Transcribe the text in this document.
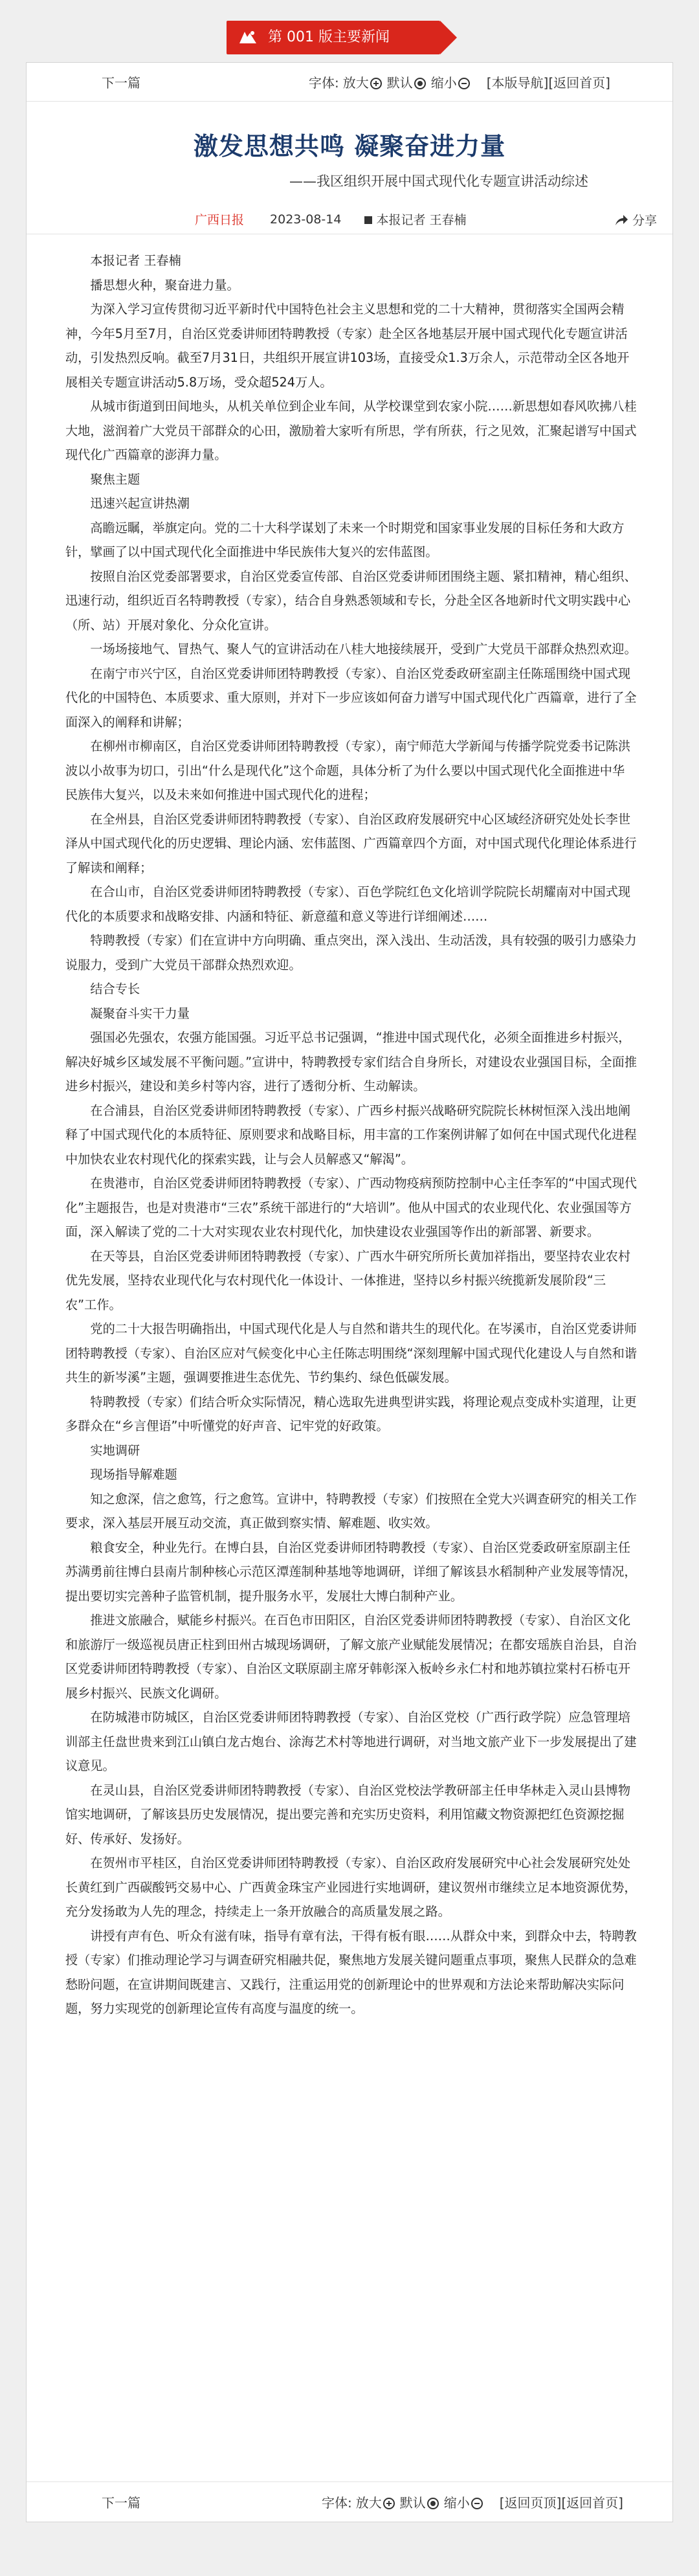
第 001 版主要新闻
下一篇	字体: 放大	默认	缩小	[本版导航] [返回首页]
激发思想共鸣 凝聚奋进力量
——我区组织开展中国式现代化专题宣讲活动综述
广西日报 2023-08-14	本报记者 王春楠	分享

本报记者 王春楠

播思想火种，聚奋进力量。

为深入学习宣传贯彻习近平新时代中国特色社会主义思想和党的二十大精神，贯彻落实全国两会精神，今年5月至7月，自治区党委讲师团特聘教授（专家）赴全区各地基层开展中国式现代化专题宣讲活动，引发热烈反响。截至7月31日，共组织开展宣讲103场，直接受众1.3万余人，示范带动全区各地开展相关专题宣讲活动5.8万场，受众超524万人。

从城市街道到田间地头，从机关单位到企业车间，从学校课堂到农家小院……新思想如春风吹拂八桂大地，滋润着广大党员干部群众的心田，激励着大家听有所思，学有所获，行之见效，汇聚起谱写中国式现代化广西篇章的澎湃力量。

聚焦主题

迅速兴起宣讲热潮

高瞻远瞩，举旗定向。党的二十大科学谋划了未来一个时期党和国家事业发展的目标任务和大政方针，擘画了以中国式现代化全面推进中华民族伟大复兴的宏伟蓝图。

按照自治区党委部署要求，自治区党委宣传部、自治区党委讲师团围绕主题、紧扣精神，精心组织、迅速行动，组织近百名特聘教授（专家），结合自身熟悉领域和专长，分赴全区各地新时代文明实践中心（所、站）开展对象化、分众化宣讲。

一场场接地气、冒热气、聚人气的宣讲活动在八桂大地接续展开，受到广大党员干部群众热烈欢迎。

在南宁市兴宁区，自治区党委讲师团特聘教授（专家）、自治区党委政研室副主任陈瑶围绕中国式现代化的中国特色、本质要求、重大原则，并对下一步应该如何奋力谱写中国式现代化广西篇章，进行了全面深入的阐释和讲解；

在柳州市柳南区，自治区党委讲师团特聘教授（专家），南宁师范大学新闻与传播学院党委书记陈洪波以小故事为切口，引出“什么是现代化”这个命题，具体分析了为什么要以中国式现代化全面推进中华民族伟大复兴，以及未来如何推进中国式现代化的进程；

在全州县，自治区党委讲师团特聘教授（专家）、自治区政府发展研究中心区域经济研究处处长李世泽从中国式现代化的历史逻辑、理论内涵、宏伟蓝图、广西篇章四个方面，对中国式现代化理论体系进行了解读和阐释；

在合山市，自治区党委讲师团特聘教授（专家）、百色学院红色文化培训学院院长胡耀南对中国式现代化的本质要求和战略安排、内涵和特征、新意蕴和意义等进行详细阐述……

特聘教授（专家）们在宣讲中方向明确、重点突出，深入浅出、生动活泼，具有较强的吸引力感染力说服力，受到广大党员干部群众热烈欢迎。

结合专长

凝聚奋斗实干力量

强国必先强农，农强方能国强。习近平总书记强调，“推进中国式现代化，必须全面推进乡村振兴，解决好城乡区域发展不平衡问题。”宣讲中，特聘教授专家们结合自身所长，对建设农业强国目标，全面推进乡村振兴，建设和美乡村等内容，进行了透彻分析、生动解读。

在合浦县，自治区党委讲师团特聘教授（专家）、广西乡村振兴战略研究院院长林树恒深入浅出地阐释了中国式现代化的本质特征、原则要求和战略目标，用丰富的工作案例讲解了如何在中国式现代化进程中加快农业农村现代化的探索实践，让与会人员解惑又“解渴”。

在贵港市，自治区党委讲师团特聘教授（专家）、广西动物疫病预防控制中心主任李军的“中国式现代化”主题报告，也是对贵港市“三农”系统干部进行的“大培训”。他从中国式的农业现代化、农业强国等方面，深入解读了党的二十大对实现农业农村现代化，加快建设农业强国等作出的新部署、新要求。

在天等县，自治区党委讲师团特聘教授（专家）、广西水牛研究所所长黄加祥指出，要坚持农业农村优先发展，坚持农业现代化与农村现代化一体设计、一体推进，坚持以乡村振兴统揽新发展阶段“三农”工作。

党的二十大报告明确指出，中国式现代化是人与自然和谐共生的现代化。在岑溪市，自治区党委讲师团特聘教授（专家）、自治区应对气候变化中心主任陈志明围绕“深刻理解中国式现代化建设人与自然和谐共生的新岑溪”主题，强调要推进生态优先、节约集约、绿色低碳发展。

特聘教授（专家）们结合听众实际情况，精心选取先进典型讲实践，将理论观点变成朴实道理，让更多群众在“乡言俚语”中听懂党的好声音、记牢党的好政策。

实地调研

现场指导解难题

知之愈深，信之愈笃，行之愈笃。宣讲中，特聘教授（专家）们按照在全党大兴调查研究的相关工作要求，深入基层开展互动交流，真正做到察实情、解难题、收实效。

粮食安全，种业先行。在博白县，自治区党委讲师团特聘教授（专家）、自治区党委政研室原副主任苏满勇前往博白县南片制种核心示范区潭莲制种基地等地调研，详细了解该县水稻制种产业发展等情况，提出要切实完善种子监管机制，提升服务水平，发展壮大博白制种产业。

推进文旅融合，赋能乡村振兴。在百色市田阳区，自治区党委讲师团特聘教授（专家）、自治区文化和旅游厅一级巡视员唐正柱到田州古城现场调研，了解文旅产业赋能发展情况；在都安瑶族自治县，自治区党委讲师团特聘教授（专家）、自治区文联原副主席牙韩彰深入板岭乡永仁村和地苏镇拉棠村石桥屯开展乡村振兴、民族文化调研。

在防城港市防城区，自治区党委讲师团特聘教授（专家）、自治区党校（广西行政学院）应急管理培训部主任盘世贵来到江山镇白龙古炮台、涂海艺术村等地进行调研，对当地文旅产业下一步发展提出了建议意见。

在灵山县，自治区党委讲师团特聘教授（专家）、自治区党校法学教研部主任申华林走入灵山县博物馆实地调研，了解该县历史发展情况，提出要完善和充实历史资料，利用馆藏文物资源把红色资源挖掘好、传承好、发扬好。

在贺州市平桂区，自治区党委讲师团特聘教授（专家）、自治区政府发展研究中心社会发展研究处处长黄红到广西碳酸钙交易中心、广西黄金珠宝产业园进行实地调研，建议贺州市继续立足本地资源优势，充分发扬敢为人先的理念，持续走上一条开放融合的高质量发展之路。

讲授有声有色、听众有滋有味，指导有章有法，干得有板有眼……从群众中来，到群众中去，特聘教授（专家）们推动理论学习与调查研究相融共促，聚焦地方发展关键问题重点事项，聚焦人民群众的急难愁盼问题，在宣讲期间既建言、又践行，注重运用党的创新理论中的世界观和方法论来帮助解决实际问题，努力实现党的创新理论宣传有高度与温度的统一。

下一篇	字体: 放大	默认	缩小	[返回页顶] [返回首页]
